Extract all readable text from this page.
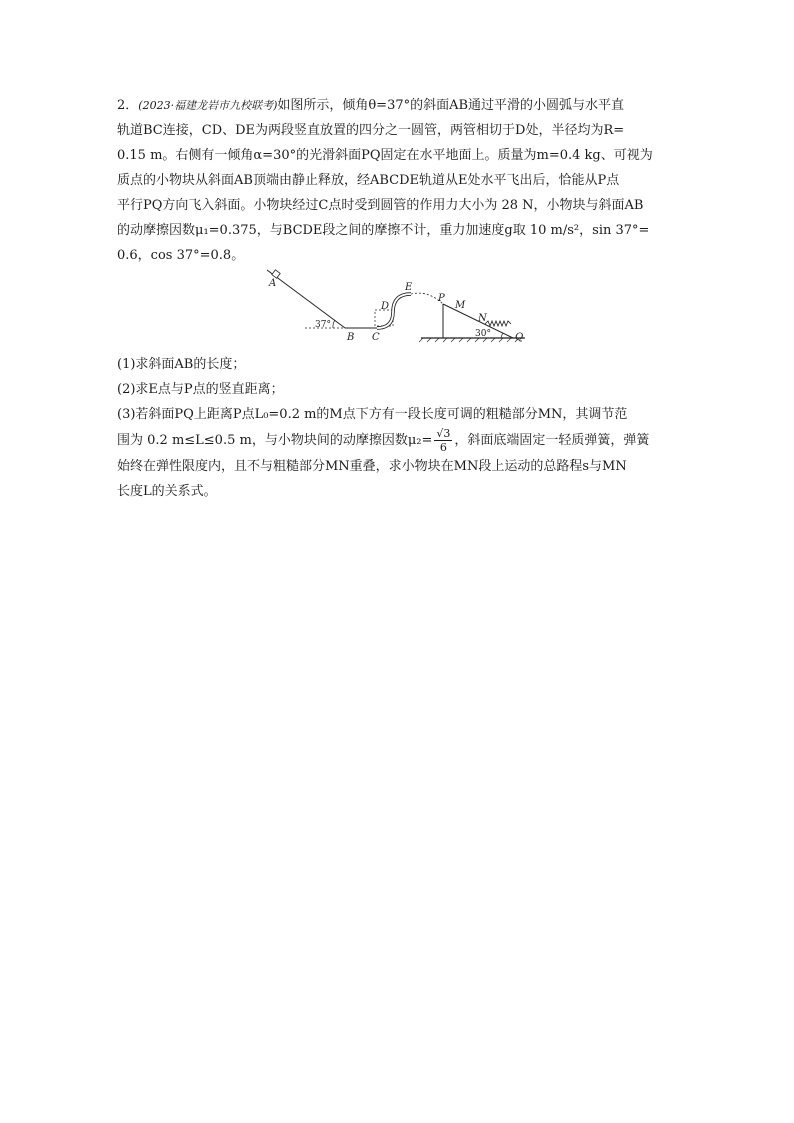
2．(2023·福建龙岩市九校联考)如图所示，倾角θ=37°的斜面AB通过平滑的小圆弧与水平直
轨道BC连接，CD、DE为两段竖直放置的四分之一圆管，两管相切于D处，半径均为R=
0.15 m。右侧有一倾角α=30°的光滑斜面PQ固定在水平地面上。质量为m=0.4 kg、可视为
质点的小物块从斜面AB顶端由静止释放，经ABCDE轨道从E处水平飞出后，恰能从P点
平行PQ方向飞入斜面。小物块经过C点时受到圆管的作用力大小为 28 N，小物块与斜面AB
的动摩擦因数μ₁=0.375，与BCDE段之间的摩擦不计，重力加速度g取 10 m/s²，sin 37°=
0.6，cos 37°=0.8。

A
B C
D
E
P
M
N
Q
37°
30°

(1)求斜面AB的长度；

(2)求E点与P点的竖直距离；

(3)若斜面PQ上距离P点L₀=0.2 m的M点下方有一段长度可调的粗糙部分MN，其调节范

围为 0.2 m≤L≤0.5 m，与小物块间的动摩擦因数$\mu_2= \frac{√3}{6}$ ，斜面底端固定一轻质弹簧，弹簧

始终在弹性限度内，且不与粗糙部分MN重叠，求小物块在MN段上运动的总路程s与MN

长度L的关系式。
